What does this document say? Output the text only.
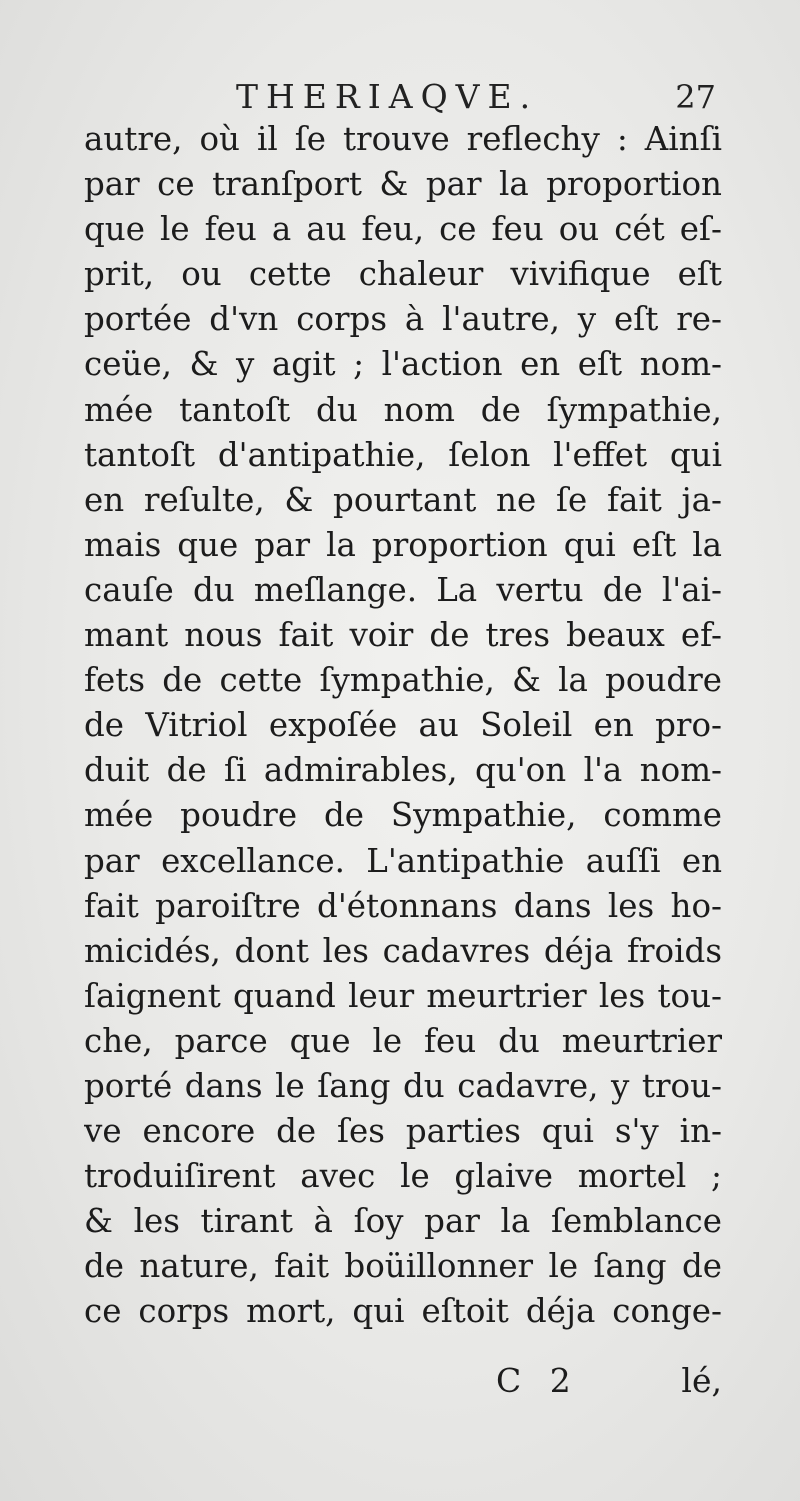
THERIAQVE.	27
autre, où il ſe trouve reflechy : Ainſi
par ce tranſport & par la proportion
que le feu a au feu, ce feu ou cét eſ-
prit, ou cette chaleur vivifique eſt
portée d'vn corps à l'autre, y eſt re-
ceüe, & y agit ; l'action en eſt nom-
mée tantoſt du nom de ſympathie,
tantoſt d'antipathie, ſelon l'effet qui
en reſulte, & pourtant ne ſe fait ja-
mais que par la proportion qui eſt la
cauſe du meſlange. La vertu de l'ai-
mant nous fait voir de tres beaux ef-
fets de cette ſympathie, & la poudre
de Vitriol expoſée au Soleil en pro-
duit de ſi admirables, qu'on l'a nom-
mée poudre de Sympathie, comme
par excellance. L'antipathie auſſi en
fait paroiſtre d'étonnans dans les ho-
micidés, dont les cadavres déja froids
ſaignent quand leur meurtrier les tou-
che, parce que le feu du meurtrier
porté dans le ſang du cadavre, y trou-
ve encore de ſes parties qui s'y in-
troduiſirent avec le glaive mortel ;
& les tirant à ſoy par la ſemblance
de nature, fait boüillonner le ſang de
ce corps mort, qui eſtoit déja conge-
C 2	lé,
